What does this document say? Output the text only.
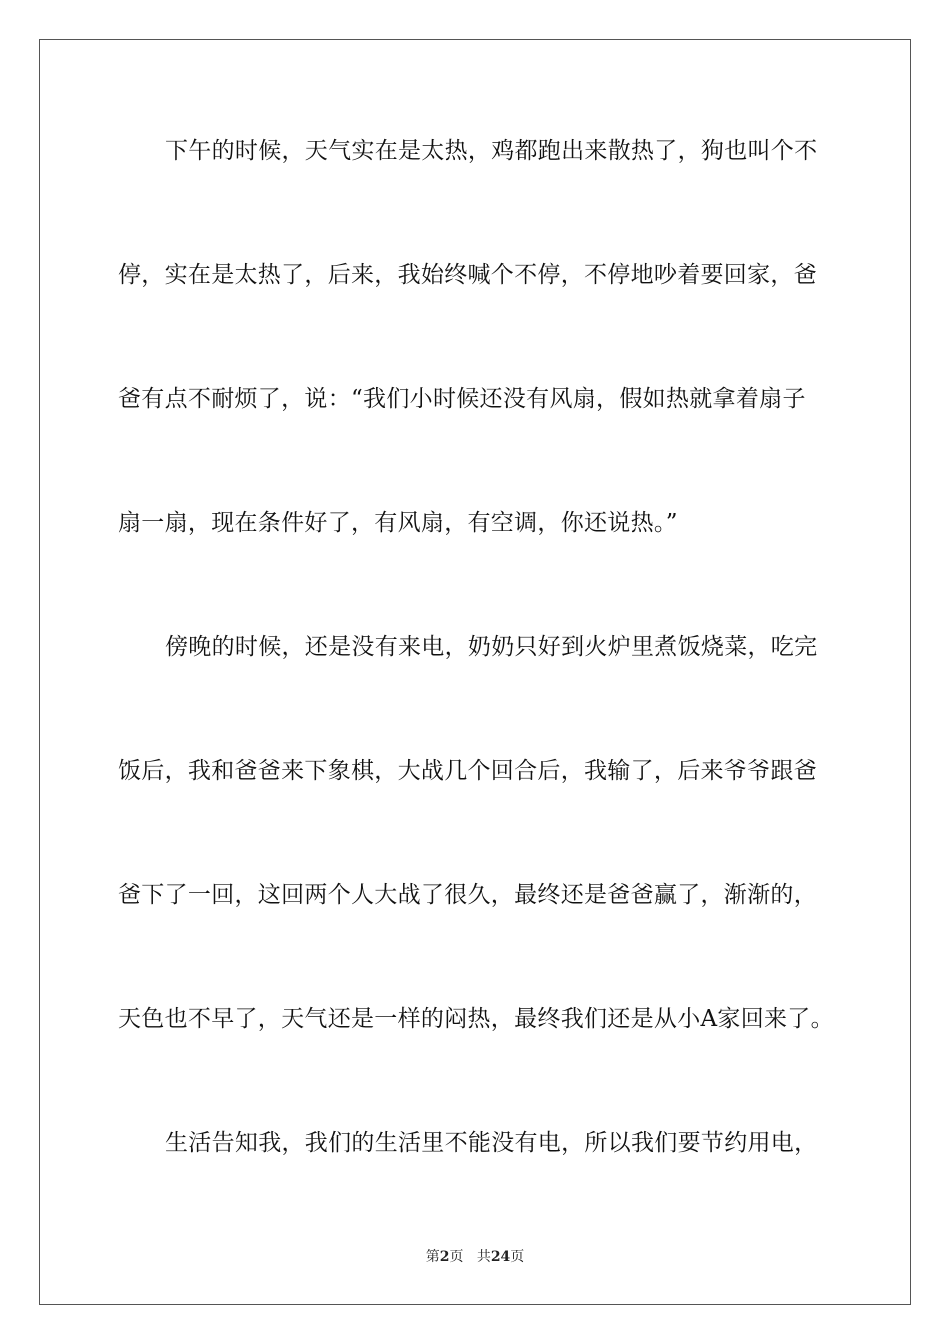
下午的时候，天气实在是太热，鸡都跑出来散热了，狗也叫个不
停，实在是太热了，后来，我始终喊个不停，不停地吵着要回家，爸
爸有点不耐烦了，说：“我们小时候还没有风扇，假如热就拿着扇子
扇一扇，现在条件好了，有风扇，有空调，你还说热。”
傍晚的时候，还是没有来电，奶奶只好到火炉里煮饭烧菜，吃完
饭后，我和爸爸来下象棋，大战几个回合后，我输了，后来爷爷跟爸
爸下了一回，这回两个人大战了很久，最终还是爸爸赢了，渐渐的，
天色也不早了，天气还是一样的闷热，最终我们还是从小A家回来了。
生活告知我，我们的生活里不能没有电，所以我们要节约用电，
第2页 共24页
